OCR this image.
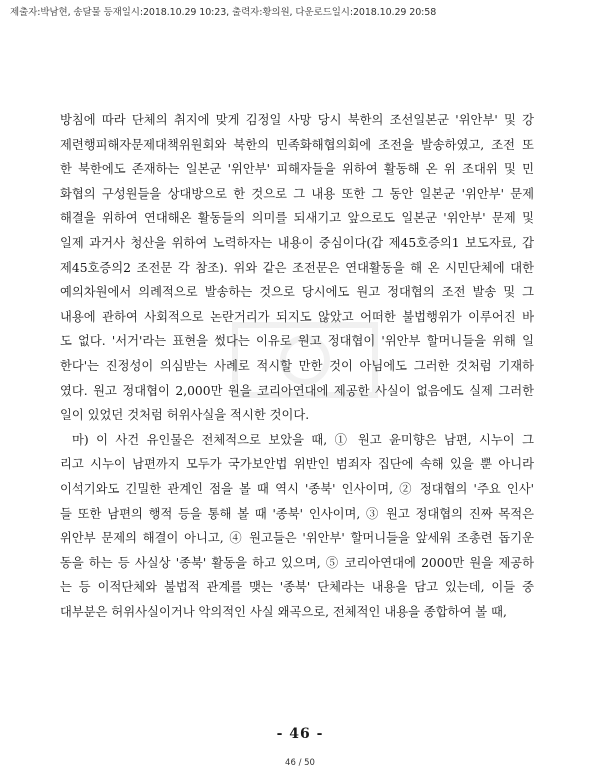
제출자:박남현, 송달물 등재일시:2018.10.29 10:23, 출력자:황의원, 다운로드일시:2018.10.29 20:58
방침에 따라 단체의 취지에 맞게 김정일 사망 당시 북한의 조선일본군 '위안부' 및 강
제련행피해자문제대책위원회와 북한의 민족화해협의회에 조전을 발송하였고, 조전 또
한 북한에도 존재하는 일본군 '위안부' 피해자들을 위하여 활동해 온 위 조대위 및 민
화협의 구성원들을 상대방으로 한 것으로 그 내용 또한 그 동안 일본군 '위안부' 문제
해결을 위하여 연대해온 활동들의 의미를 되새기고 앞으로도 일본군 '위안부' 문제 및
일제 과거사 청산을 위하여 노력하자는 내용이 중심이다(갑 제45호증의1 보도자료, 갑
제45호증의2 조전문 각 참조). 위와 같은 조전문은 연대활동을 해 온 시민단체에 대한
예의차원에서 의례적으로 발송하는 것으로 당시에도 원고 정대협의 조전 발송 및 그
내용에 관하여 사회적으로 논란거리가 되지도 않았고 어떠한 불법행위가 이루어진 바
도 없다. '서거'라는 표현을 썼다는 이유로 원고 정대협이 '위안부 할머니들을 위해 일
한다'는 진정성이 의심받는 사례로 적시할 만한 것이 아님에도 그러한 것처럼 기재하
였다. 원고 정대협이 2,000만 원을 코리아연대에 제공한 사실이 없음에도 실제 그러한
일이 있었던 것처럼 허위사실을 적시한 것이다.
마) 이 사건 유인물은 전체적으로 보았을 때, ① 원고 윤미향은 남편, 시누이 그
리고 시누이 남편까지 모두가 국가보안법 위반인 범죄자 집단에 속해 있을 뿐 아니라
이석기와도 긴밀한 관계인 점을 볼 때 역시 '종북' 인사이며, ② 정대협의 '주요 인사'
들 또한 남편의 행적 등을 통해 볼 때 '종북' 인사이며, ③ 원고 정대협의 진짜 목적은
위안부 문제의 해결이 아니고, ④ 원고들은 '위안부' 할머니들을 앞세워 조총련 돕기운
동을 하는 등 사실상 '종북' 활동을 하고 있으며, ⑤ 코리아연대에 2000만 원을 제공하
는 등 이적단체와 불법적 관계를 맺는 '종북' 단체라는 내용을 담고 있는데, 이들 중
대부분은 허위사실이거나 악의적인 사실 왜곡으로, 전체적인 내용을 종합하여 볼 때,
- 46 -
46 / 50
